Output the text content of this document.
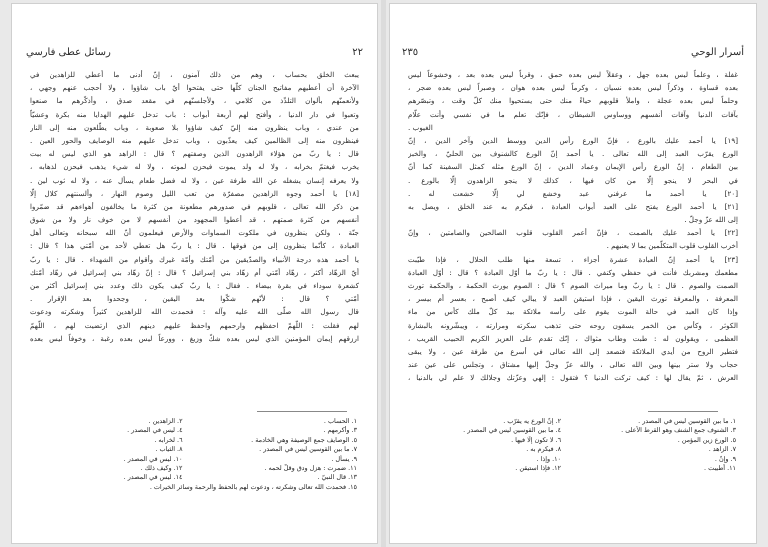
رسائل عطى فارسي	٢٢
يبعث الخلق بحساب ، وهم من ذلك آمنون ، إنّ أدنى ما أعطي للزاهدين في
الآخرة أن أعطيهم مفاتيح الجنان كلّها حتى يفتحوا أيّ باب شاؤوا ، ولا أحجب عنهم وجهي ،
ولأنعمنّهم بألوان التلذّذ من كلامي ، ولأجلسنّهم في مقعد صدق ، وأذكّرهم ما صنعوا
وتعبوا في دار الدنيا ، وأفتح لهم أربعة أبواب : باب تدخل عليهم الهدايا منه بكرة وعشيّاً
من عندي ، وباب ينظرون منه إليّ كيف شاؤوا بلا صعوبة ، وباب يطّلعون منه إلى النار
فينظرون منه إلى الظالمين كيف يعذّبون ، وباب تدخل عليهم منه الوصايف والحور العين .
قال : يا ربّ من هؤلاء الزاهدون الذين وصفتهم ؟ قال : الزاهد هو الذي ليس له بيت
يخرب فيغتمّ بخرابه ، ولا له ولد يموت فيحزن لموته ، ولا له شيء يذهب فيحزن لذهابه ،
ولا يعرفه إنسان يشغله عن الله طرفة عين ، ولا له فضل طعام يسأل عنه ، ولا له ثوب لين .
[١٨] يا أحمد وجوه الزاهدين مصفرّة من تعب الليل وصوم النهار ، وألسنتهم كلال إلّا
من ذكر الله تعالى ، قلوبهم في صدورهم مطعونة من كثرة ما يخالفون أهواءهم قد ضمّروا
أنفسهم من كثرة صمتهم ، قد أعطوا المجهود من أنفسهم لا من خوف نار ولا من شوق
جنّة ، ولكن ينظرون في ملكوت السماوات والأرض فيعلمون أنّ الله سبحانه وتعالى أهل
العبادة ، كأنّما ينظرون إلى من فوقها . قال : يا ربّ هل تعطي لأحد من أمّتي هذا ؟ قال :
يا أحمد هذه درجة الأنبياء والصدّيقين من أمّتك وأمّة غيرك وأقوام من الشهداء . قال : يا ربّ
أيّ الزهّاد أكثر ، زهّاد أمّتي أم زهّاد بني إسرائيل ؟ قال : إنّ زهّاد بني إسرائيل في زهّاد أمّتك
كشعرة سوداء في بقرة بيضاء . فقال : يا ربّ كيف يكون ذلك وعدد بني إسرائيل أكثر من
أمّتي ؟ قال : لأنّهم شكّوا بعد اليقين ، وجحدوا بعد الإقرار .
قال رسول الله صلّى الله عليه وآله : فحمدت الله للزاهدين كثيراً وشكرته ودعوت
لهم فقلت : اللّهمّ احفظهم وارحمهم واحفظ عليهم دينهم الذي ارتضيت لهم ، اللّهمّ
ارزقهم إيمان المؤمنين الذي ليس بعده شكّ وزيغ ، وورعاً ليس بعده رغبة ، وخوفاً ليس بعده
١. الحساب .
٢. الزاهدين .
٣. وأكرمهم .
٤. ليس في المصدر .
٥. الوصايف جمع الوصيفة وهي الخادمة .
٦. لخرابه .
٧. ما بين القوسين ليس في المصدر .
٨. الثياب .
٩. يسأل .
١٠. ليس في المصدر .
١١. ضمرت : هزل ودق وقلّ لحمه .
١٢. وكيف ذلك .
١٣. قال النبيّ .
١٤. ليس في المصدر .
١٥. فحمدت الله تعالى وشكرته ، ودعوت لهم بالحفظ والرحمة وسائر الخيرات .
أسرار الوحي
٢٣٥
غفلة ، وعلماً ليس بعده جهل ، وعقلاً ليس بعده حمق ، وقرباً ليس بعده بعد ، وخشوعاً ليس
بعده قساوة ، وذكراً ليس بعده نسيان ، وكرماً ليس بعده هوان ، وصبراً ليس بعده ضجر ،
وحلماً ليس بعده عجلة ، واملأ قلوبهم حياءً منك حتى يستحيوا منك كلّ وقت ، وتبصّرهم
بآفات الدنيا وآفات أنفسهم ووساوس الشيطان ، فإنّك تعلم ما في نفسي وأنت علّام
الغيوب .
[١٩] يا أحمد عليك بالورع ، فإنّ الورع رأس الدين ووسط الدين وآخر الدين ، إنّ
الورع يقرّب العبد إلى الله تعالى . يا أحمد إنّ الورع كالشنوف بين الحليّ ، والخبز
بين الطعام ، إنّ الورع رأس الإيمان وعماد الدين ، إنّ الورع مثله كمثل السفينة كما أنّ
في البحر لا ينجو إلّا من كان فيها ، كذلك لا ينجو الزاهدون إلّا بالورع .
[٢٠] يا أحمد ما عرفني عبد وخشع لي إلّا خشعت له .
[٢١] يا أحمد الورع يفتح على العبد أبواب العبادة ، فيكرم به عند الخلق ، ويصل به
إلى الله عزّ وجلّ .
[٢٢] يا أحمد عليك بالصمت ، فإنّ أعمر القلوب قلوب الصالحين والصامتين ، وإنّ
أخرب القلوب قلوب المتكلّمين بما لا يعنيهم .
[٢٣] يا أحمد إنّ العبادة عشرة أجزاء ، تسعة منها طلب الحلال ، فإذا طيّبت
مطعمك ومشربك فأنت في حفظي وكنفي . قال : يا ربّ ما أوّل العبادة ؟ قال : أوّل العبادة
الصمت والصوم . قال : يا ربّ وما ميراث الصوم ؟ قال : الصوم يورث الحكمة ، والحكمة تورث
المعرفة ، والمعرفة تورث اليقين ، فإذا استيقن العبد لا يبالي كيف أصبح ، بعسر أم بيسر ،
وإذا كان العبد في حالة الموت يقوم على رأسه ملائكة بيد كلّ ملك كأس من ماء
الكوثر ، وكأس من الخمر يسقون روحه حتى تذهب سكرته ومرارته ، ويبشّرونه بالبشارة
العظمى ، ويقولون له : طبت وطاب مثواك ، إنّك تقدم على العزيز الكريم الحبيب القريب ،
فتطير الروح من أيدي الملائكة فتصعد إلى الله تعالى في أسرع من طرفة عين ، ولا يبقى
حجاب ولا ستر بينها وبين الله تعالى ، والله عزّ وجلّ إليها مشتاق ، وتجلس على عين عند
العرش ، ثمّ يقال لها : كيف تركت الدنيا ؟ فتقول : إلهي وعزّتك وجلالك لا علم لي بالدنيا ،
١. ما بين القوسين ليس في المصدر .
٢. إنّ الورع يه يقرّب .
٣. الشنوف جمع الشنف وهو القرط الأعلى .
٤. ما بين القوسين ليس في المصدر .
٥. الورع زين المؤمن .
٦. لا تكون إلّا فيها .
٧. الزاهد .
٨. فيكرم به .
٩. وإنّ .
١٠. وإذا .
١١. أطيبت .
١٢. فإذا استيقن .
